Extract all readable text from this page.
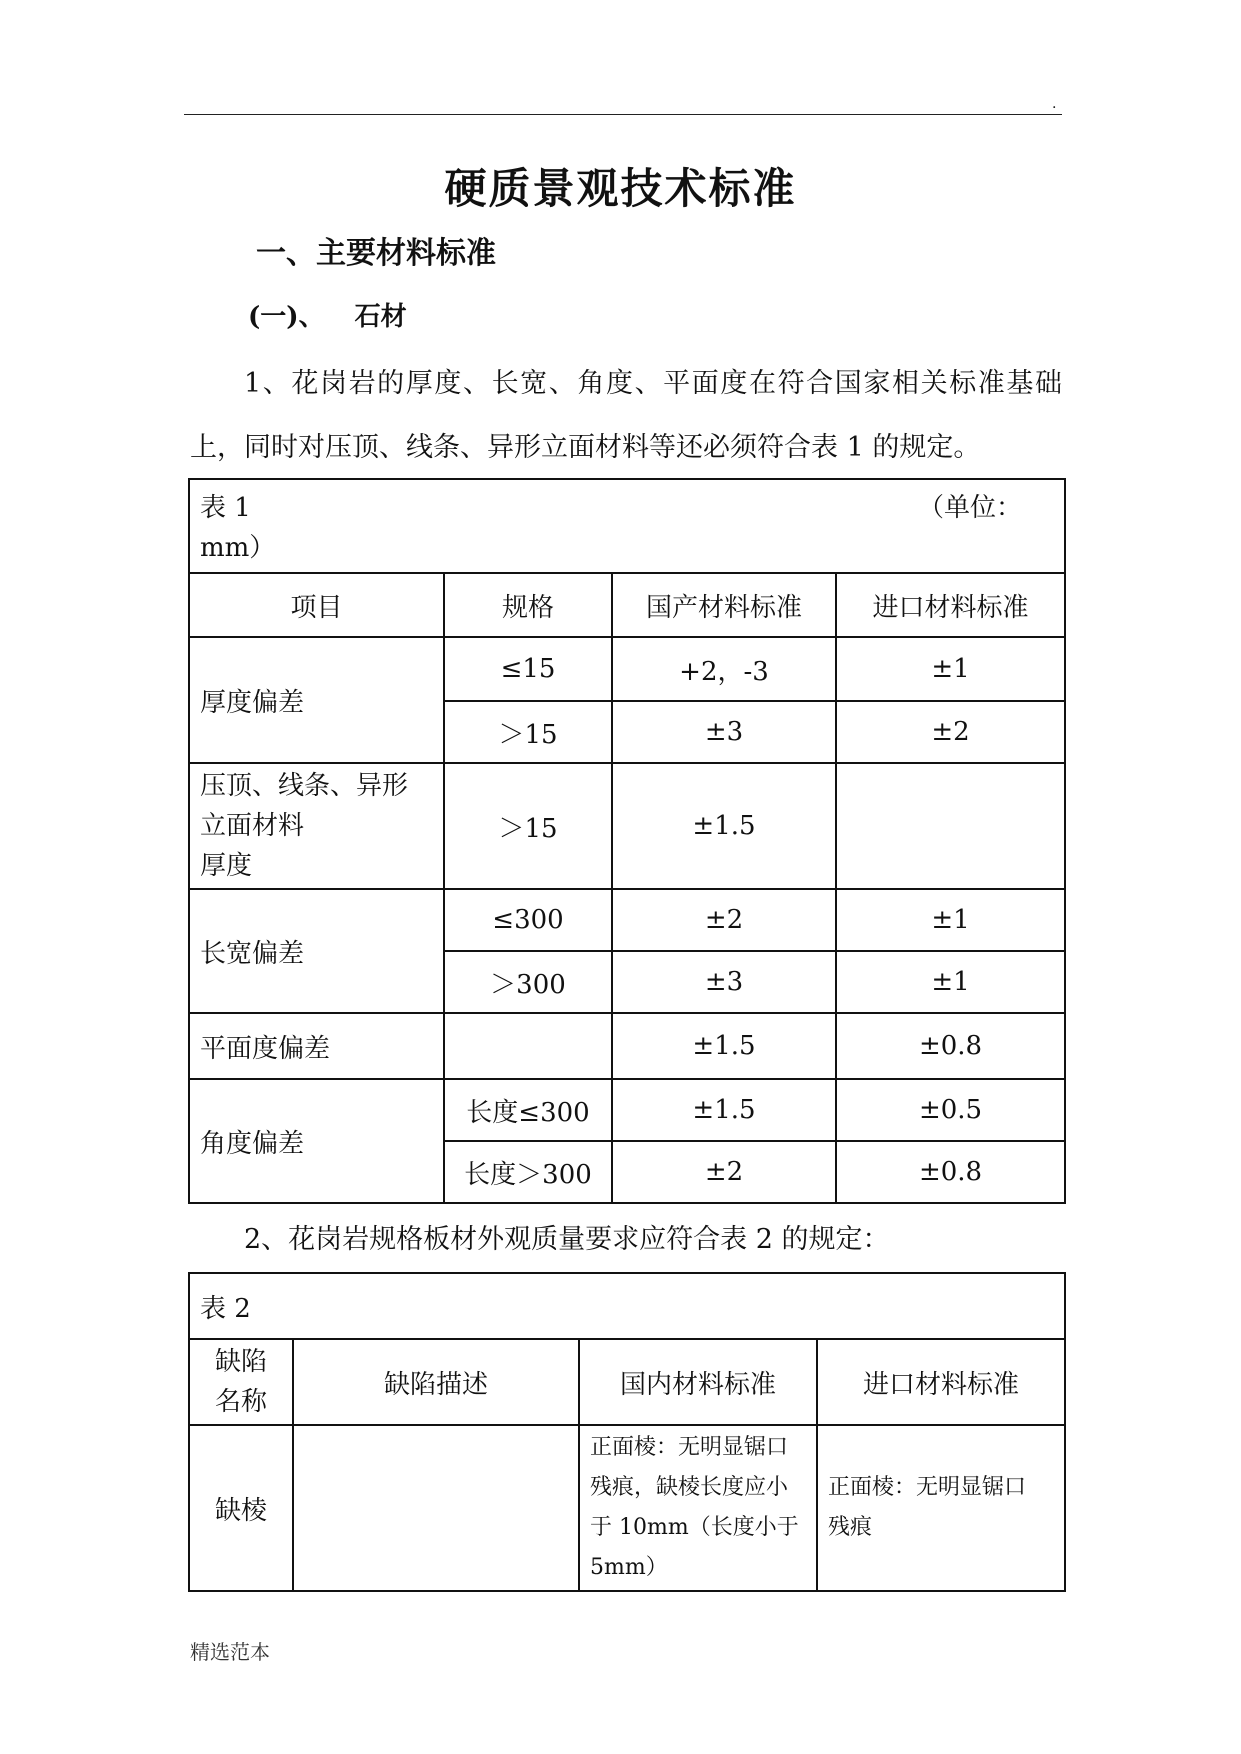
.
硬质景观技术标准
一、主要材料标准
(一)、 石材
1、花岗岩的厚度、长宽、角度、平面度在符合国家相关标准基础上，同时对压顶、线条、异形立面材料等还必须符合表 1 的规定。
表 1 （单位：

mm）			
项目	规格	国产材料标准	进口材料标准
厚度偏差	≤15	+2，-3	±1
	＞15	±3	±2
压顶、线条、异形
立面材料
厚度	＞15	±1.5	
长宽偏差	≤300	±2	±1
	＞300	±3	±1
平面度偏差		±1.5	±0.8
角度偏差	长度≤300	±1.5	±0.5
	长度＞300	±2	±0.8
2、花岗岩规格板材外观质量要求应符合表 2 的规定：
表 2			
缺陷
名称	缺陷描述	国内材料标准	进口材料标准
缺棱		正面棱：无明显锯口
残痕，缺棱长度应小
于 10mm（长度小于
5mm）	正面棱：无明显锯口
残痕
精选范本
